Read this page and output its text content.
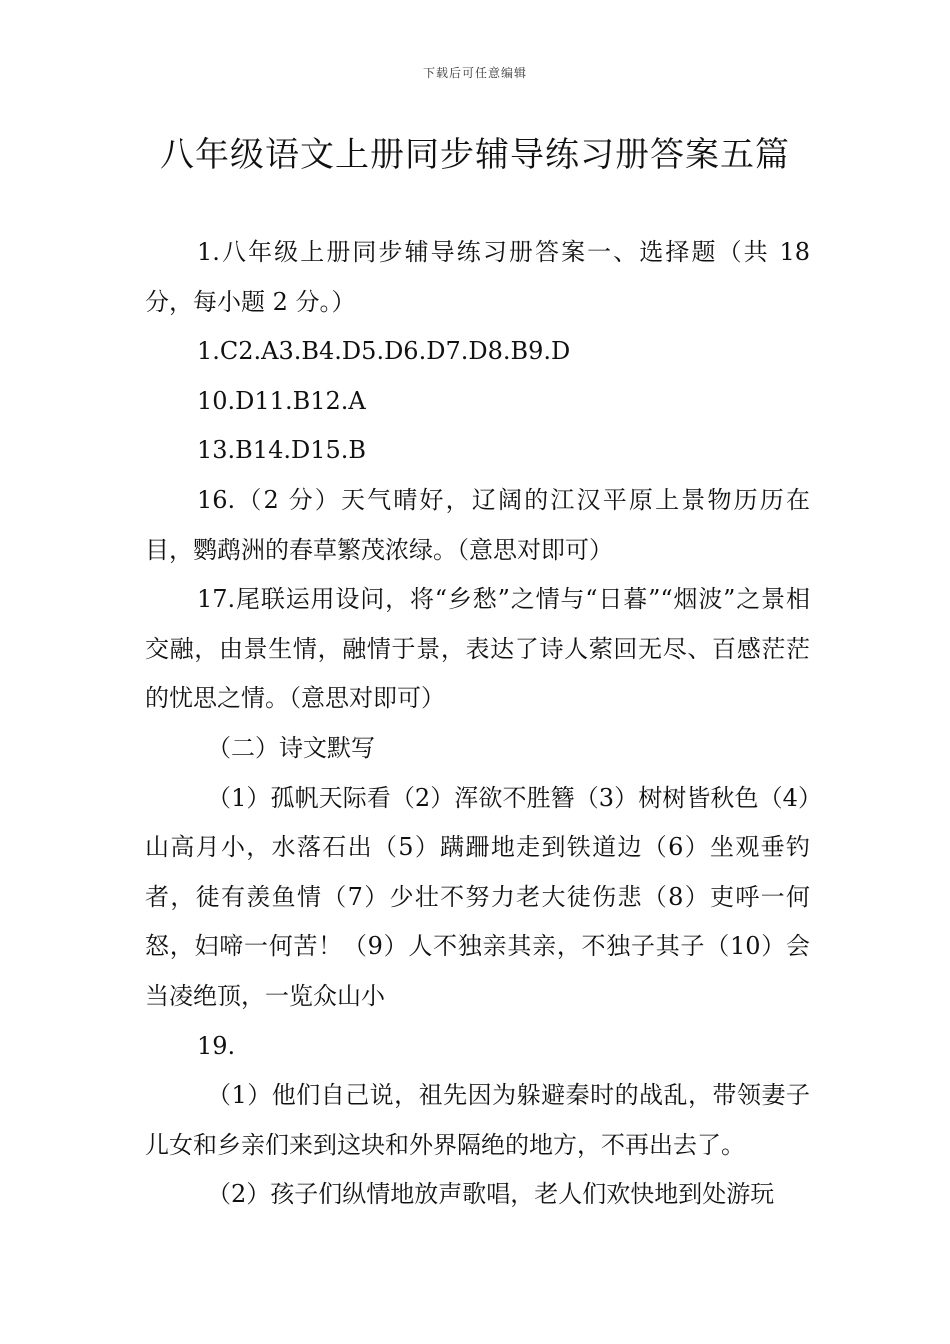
下载后可任意编辑
八年级语文上册同步辅导练习册答案五篇

1.八年级上册同步辅导练习册答案一、选择题（共 18 分，每小题 2 分。）

1.C2.A3.B4.D5.D6.D7.D8.B9.D

10.D11.B12.A

13.B14.D15.B

16.（2 分）天气晴好，辽阔的江汉平原上景物历历在目，鹦鹉洲的春草繁茂浓绿。（意思对即可）

17.尾联运用设问，将“乡愁”之情与“日暮”“烟波”之景相交融，由景生情，融情于景，表达了诗人萦回无尽、百感茫茫的忧思之情。（意思对即可）

（二）诗文默写

（1）孤帆天际看（2）浑欲不胜簪（3）树树皆秋色（4）山高月小，水落石出（5）蹒跚地走到铁道边（6）坐观垂钓者，徒有羡鱼情（7）少壮不努力老大徒伤悲（8）吏呼一何怒，妇啼一何苦！（9）人不独亲其亲，不独子其子（10）会当凌绝顶，一览众山小

19.

（1）他们自己说，祖先因为躲避秦时的战乱，带领妻子儿女和乡亲们来到这块和外界隔绝的地方，不再出去了。

（2）孩子们纵情地放声歌唱，老人们欢快地到处游玩
